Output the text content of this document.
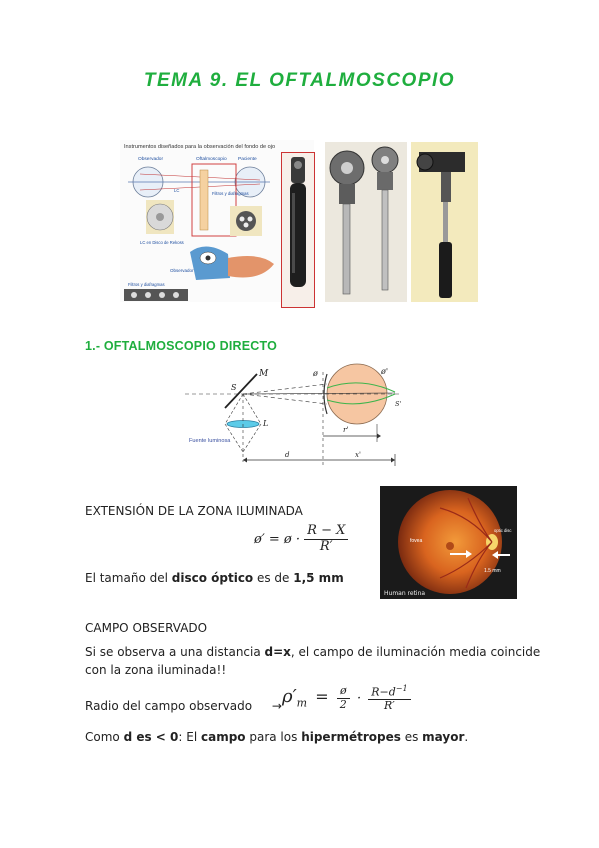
TEMA 9. EL OFTALMOSCOPIO
Instrumentos diseñados para la observación del fondo de ojo
Observador	Oftalmoscopio Paciente
Filtros y diafragmas
LC
LC en Disco de Rekoss
Observador
Filtros y diafragmas
1.- OFTALMOSCOPIO DIRECTO
M
S
ø	ø'
S'
L
r'
Fuente luminosa
d	x'
fovea
optic disc
1.5 mm
Human retina
EXTENSIÓN DE LA ZONA ILUMINADA
ø′ = ø · $\frac{R - X}{R'}$
El tamaño del disco óptico es de 1,5 mm
CAMPO OBSERVADO
Si se observa a una distancia d=x, el campo de iluminación media coincide
con la zona iluminada!!
Radio del campo observado → $\rho'_m = \frac{ø}{2} \cdot \frac{R-d^{-1}}{R'}$
Como d es < 0: El campo para los hipermétropes es mayor.
